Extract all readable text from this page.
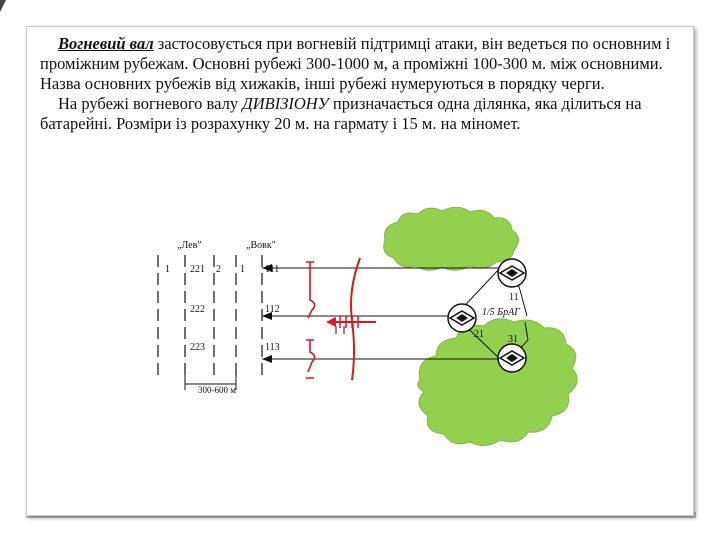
Вогневий вал застосовується при вогневій підтримці атаки, він ведеться по основним і проміжним рубежам. Основні рубежі 300-1000 м, а проміжні 100-300 м. між основними. Назва основних рубежів від хижаків, інші рубежі нумеруються в порядку черги.

На рубежі вогневого валу ДИВІЗІОНУ призначається одна ділянка, яка ділиться на батарейні. Розміри із розрахунку 20 м. на гармату і 15 м. на міномет.

„Лев"	„Вовк"
1 221 2 1 111
222	112
223	113
300-600 м
11
1/5 БрАГ
21 31
